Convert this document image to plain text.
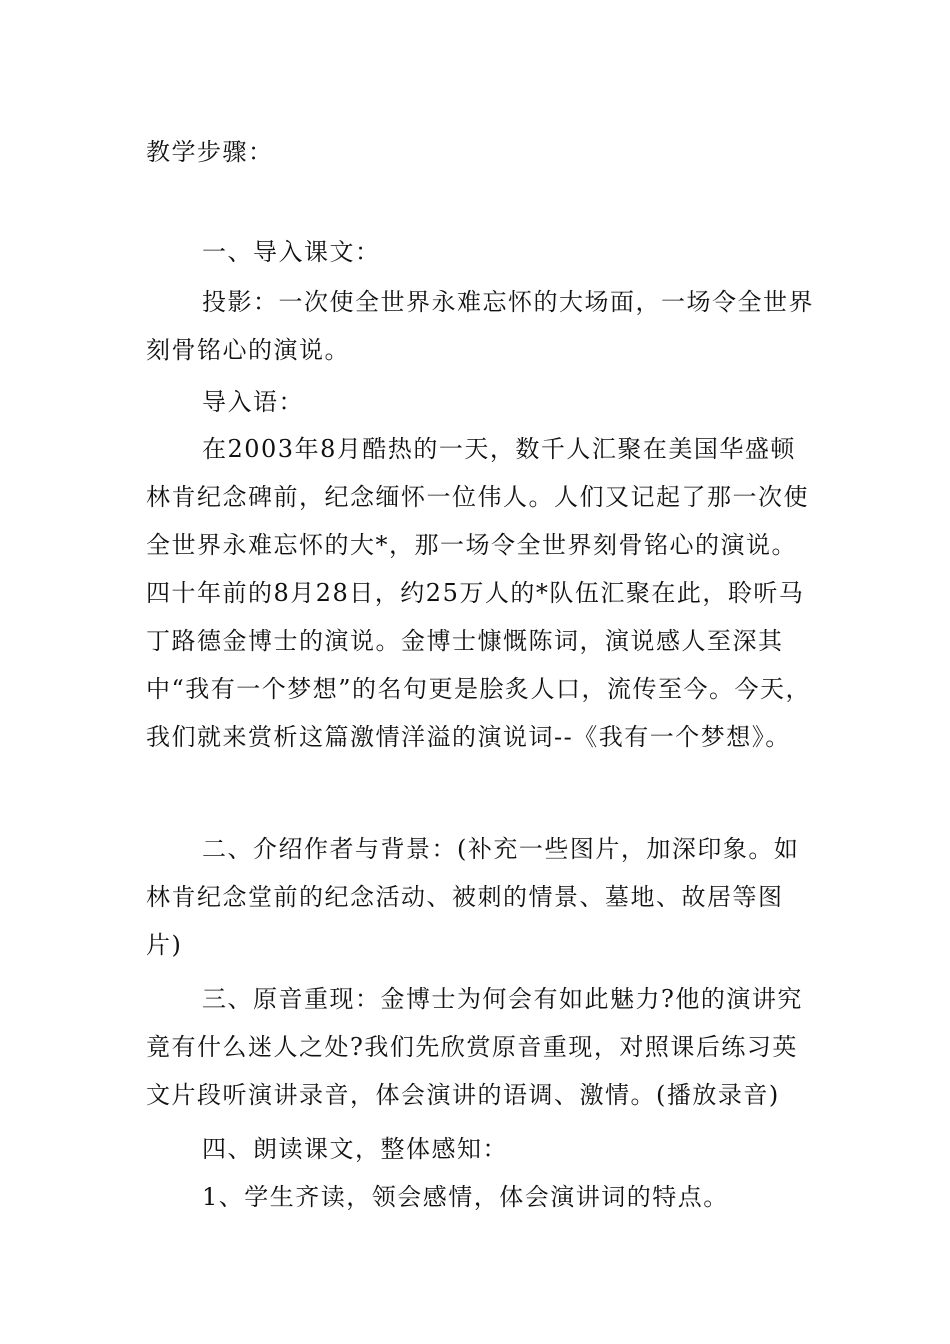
教学步骤：

一、导入课文：

投影：一次使全世界永难忘怀的大场面，一场令全世界刻骨铭心的演说。

导入语：

在2003年8月酷热的一天，数千人汇聚在美国华盛顿林肯纪念碑前，纪念缅怀一位伟人。人们又记起了那一次使全世界永难忘怀的大*，那一场令全世界刻骨铭心的演说。四十年前的8月28日，约25万人的*队伍汇聚在此，聆听马丁路德金博士的演说。金博士慷慨陈词，演说感人至深其中“我有一个梦想”的名句更是脍炙人口，流传至今。今天，我们就来赏析这篇激情洋溢的演说词--《我有一个梦想》。

二、介绍作者与背景：(补充一些图片，加深印象。如林肯纪念堂前的纪念活动、被刺的情景、墓地、故居等图片)

三、原音重现：金博士为何会有如此魅力?他的演讲究竟有什么迷人之处?我们先欣赏原音重现，对照课后练习英文片段听演讲录音，体会演讲的语调、激情。(播放录音)

四、朗读课文，整体感知：

1、学生齐读，领会感情，体会演讲词的特点。
